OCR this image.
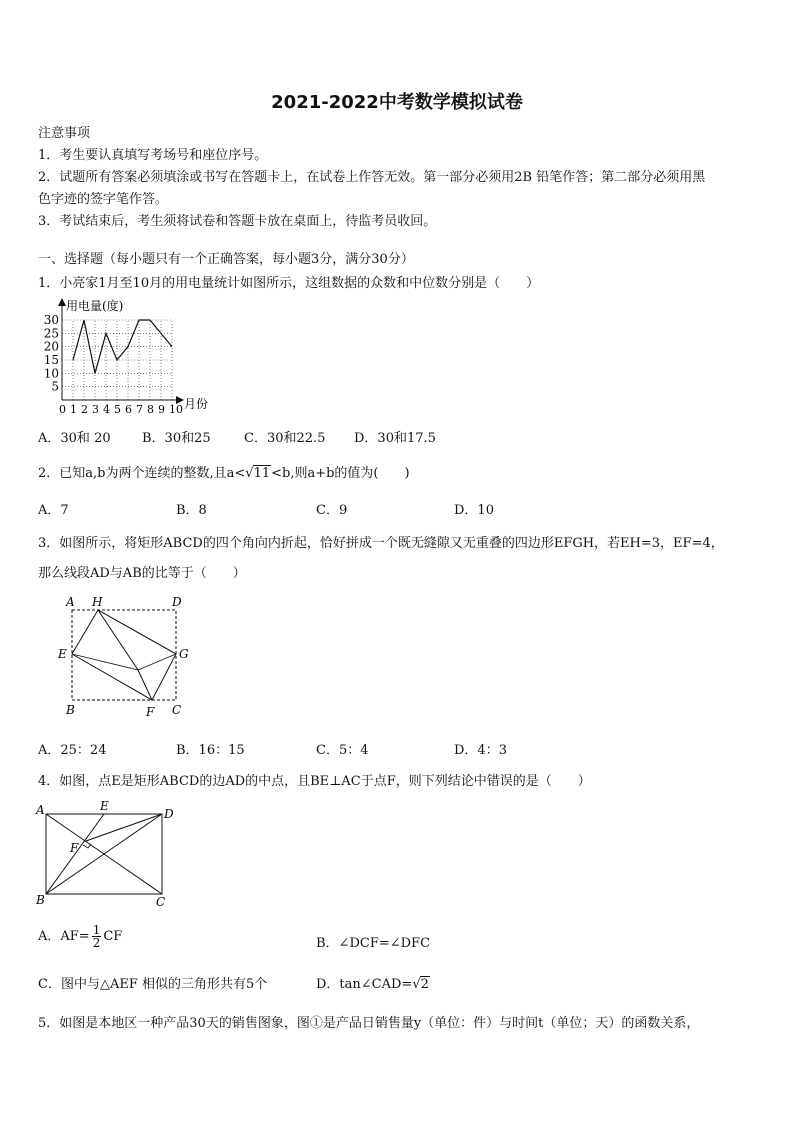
2021-2022中考数学模拟试卷
注意事项
1．考生要认真填写考场号和座位序号。
2．试题所有答案必须填涂或书写在答题卡上，在试卷上作答无效。第一部分必须用2B 铅笔作答；第二部分必须用黑
色字迹的签字笔作答。
3．考试结束后，考生须将试卷和答题卡放在桌面上，待监考员收回。
一、选择题（每小题只有一个正确答案，每小题3分，满分30分）
1．小亮家1月至10月的用电量统计如图所示，这组数据的众数和中位数分别是（　　）
5
10
15
20
25
30
0 1 2 3 4 5 6 7 8 9 10
用电量(度)
月份
A．30和 20 B．30和25	C．30和22.5 D．30和17.5
2．已知a,b为两个连续的整数,且a<√11<b,则a+b的值为(　　)
A．7	B．8	C．9	D．10
3．如图所示，将矩形ABCD的四个角向内折起，恰好拼成一个既无缝隙又无重叠的四边形EFGH，若EH=3，EF=4，
那么线段AD与AB的比等于（　　）
A H	D
E	G
B	F C
A．25：24	B．16：15	C．5：4	D．4：3
4．如图，点E是矩形ABCD的边AD的中点，且BE⊥AC于点F，则下列结论中错误的是（　　）
A	E
D
F
B	C
A．$AF= \frac{1}{2}$ CF	B．∠DCF=∠DFC
C．图中与△AEF 相似的三角形共有5个	D．tan∠CAD=√2
5．如图是本地区一种产品30天的销售图象，图①是产品日销售量y（单位：件）与时间t（单位；天）的函数关系，
